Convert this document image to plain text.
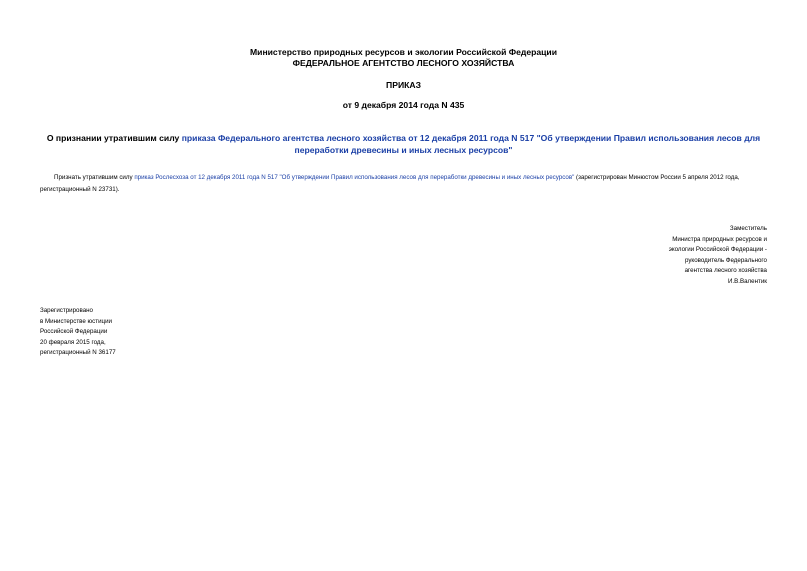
Министерство природных ресурсов и экологии Российской Федерации
ФЕДЕРАЛЬНОЕ АГЕНТСТВО ЛЕСНОГО ХОЗЯЙСТВА
ПРИКАЗ
от 9 декабря 2014 года N 435
О признании утратившим силу приказа Федерального агентства лесного хозяйства от 12 декабря 2011 года N 517 "Об утверждении Правил использования лесов для переработки древесины и иных лесных ресурсов"
Признать утратившим силу приказ Рослесхоза от 12 декабря 2011 года N 517 "Об утверждении Правил использования лесов для переработки древесины и иных лесных ресурсов" (зарегистрирован Минюстом России 5 апреля 2012 года, регистрационный N 23731).
Заместитель
Министра природных ресурсов и
экологии Российской Федерации -
руководитель Федерального
агентства лесного хозяйства
И.В.Валентик
Зарегистрировано
в Министерстве юстиции
Российской Федерации
20 февраля 2015 года,
регистрационный N 36177
